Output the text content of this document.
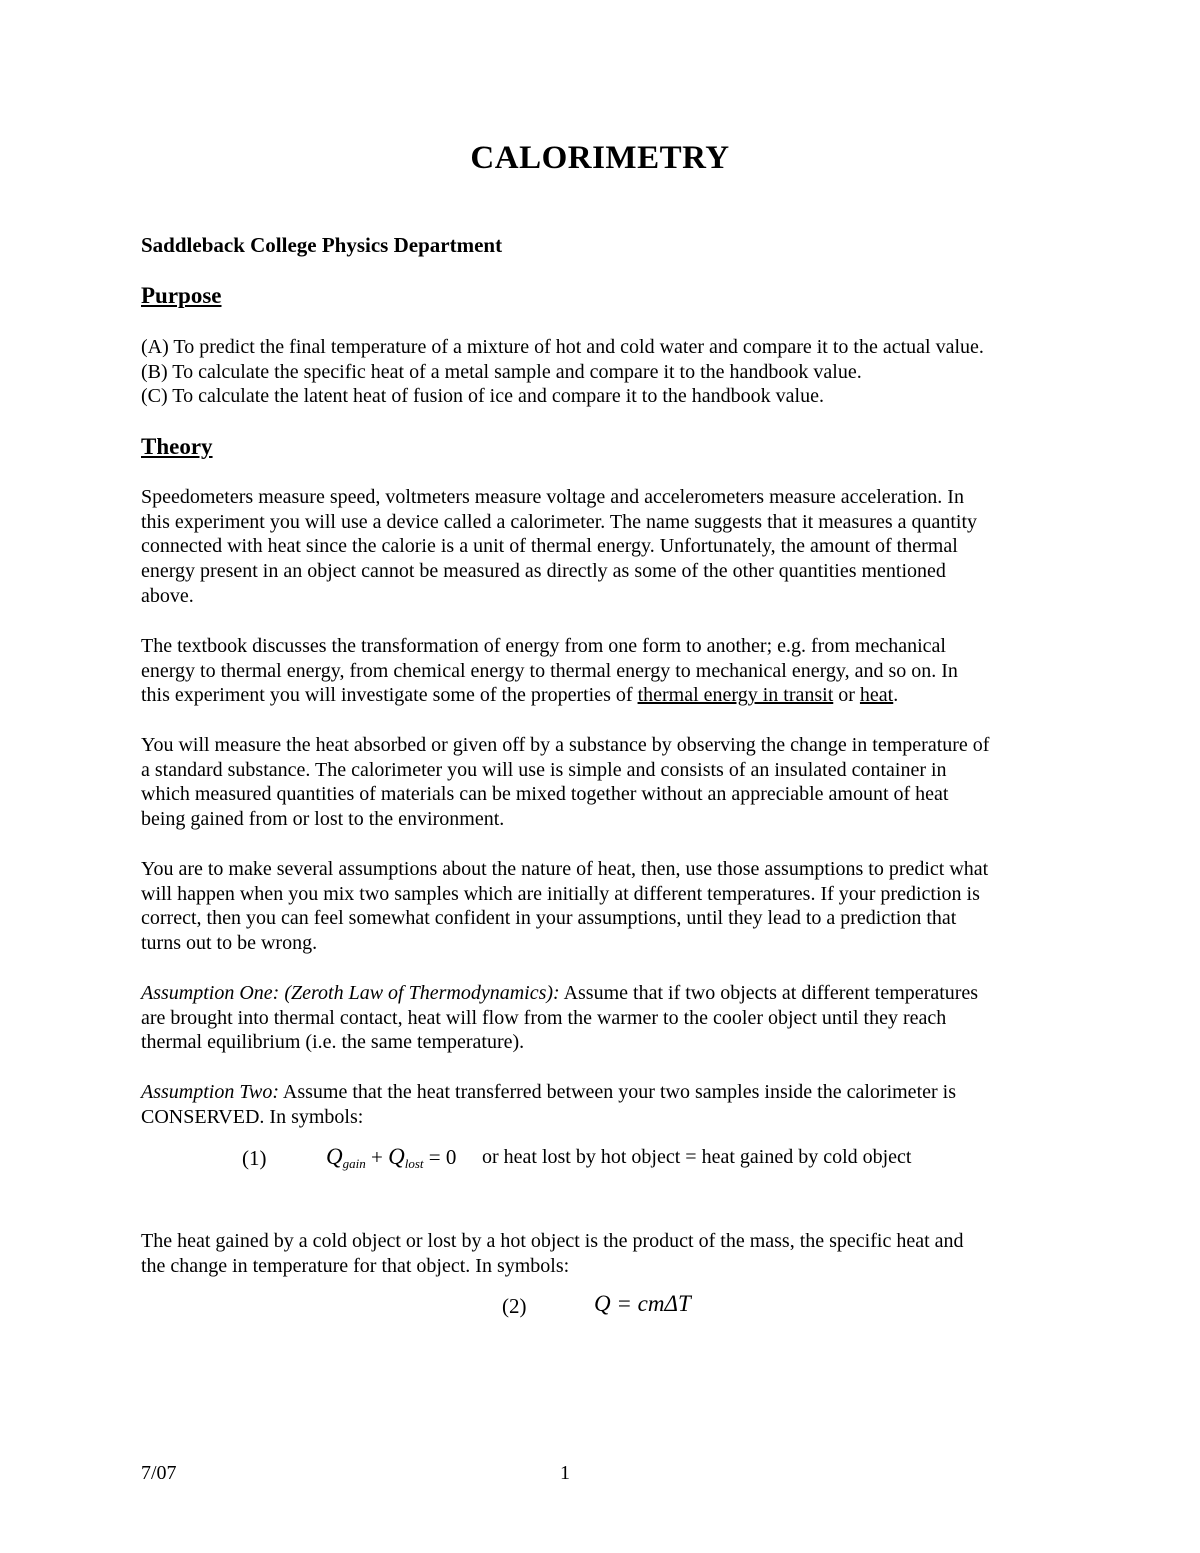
CALORIMETRY
Saddleback College Physics Department
Purpose
(A) To predict the final temperature of a mixture of hot and cold water and compare it to the actual value.
(B) To calculate the specific heat of a metal sample and compare it to the handbook value.
(C) To calculate the latent heat of fusion of ice and compare it to the handbook value.
Theory
Speedometers measure speed, voltmeters measure voltage and accelerometers measure acceleration. In
this experiment you will use a device called a calorimeter. The name suggests that it measures a quantity
connected with heat since the calorie is a unit of thermal energy. Unfortunately, the amount of thermal
energy present in an object cannot be measured as directly as some of the other quantities mentioned
above.
The textbook discusses the transformation of energy from one form to another; e.g. from mechanical
energy to thermal energy, from chemical energy to thermal energy to mechanical energy, and so on. In
this experiment you will investigate some of the properties of thermal energy in transit or heat.
You will measure the heat absorbed or given off by a substance by observing the change in temperature of
a standard substance. The calorimeter you will use is simple and consists of an insulated container in
which measured quantities of materials can be mixed together without an appreciable amount of heat
being gained from or lost to the environment.
You are to make several assumptions about the nature of heat, then, use those assumptions to predict what
will happen when you mix two samples which are initially at different temperatures. If your prediction is
correct, then you can feel somewhat confident in your assumptions, until they lead to a prediction that
turns out to be wrong.
Assumption One: (Zeroth Law of Thermodynamics): Assume that if two objects at different temperatures
are brought into thermal contact, heat will flow from the warmer to the cooler object until they reach
thermal equilibrium (i.e. the same temperature).
Assumption Two: Assume that the heat transferred between your two samples inside the calorimeter is
CONSERVED. In symbols:
(1)	$Q_{gain} + Q_{lost} = 0$ or heat lost by hot object = heat gained by cold object
The heat gained by a cold object or lost by a hot object is the product of the mass, the specific heat and
the change in temperature for that object. In symbols:
(2)	Q = cmΔT
7/07	1
